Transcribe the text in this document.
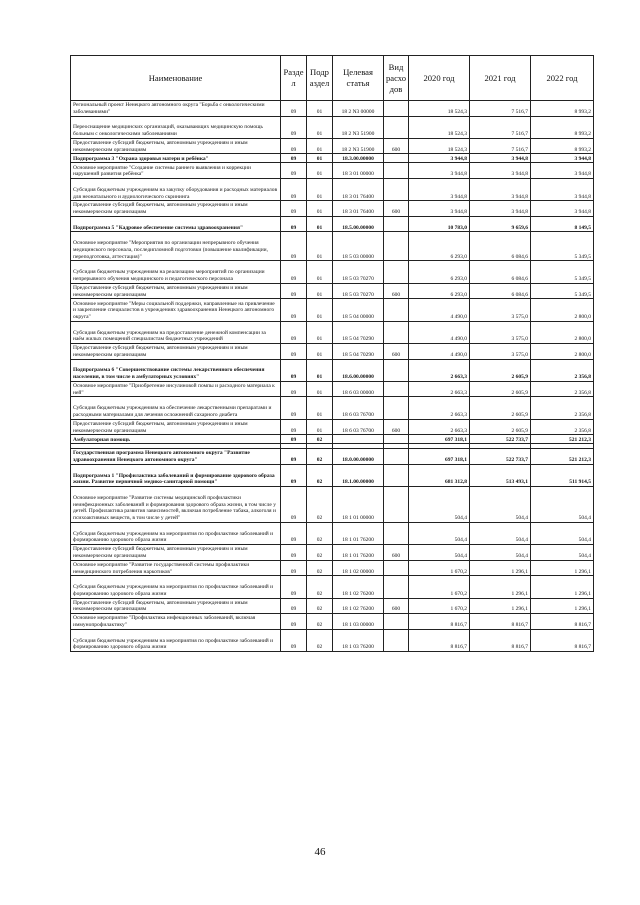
Наименование	Разде л	Подр аздел	Целевая статья	Вид расхо дов	2020 год	2021 год	2022 год
Региональный проект Ненецкого автономного округа "Борьба с онкологическими заболеваниями"	09	01	18 2 N3 00000		18 524,3	7 516,7	8 993,2
Переоснащение медицинских организаций, оказывающих медицинскую помощь больным с онкологическими заболеваниями	09	01	18 2 N3 51900		18 524,3	7 516,7	8 993,2
Предоставление субсидий бюджетным, автономным учреждениям и иным некоммерческим организациям	09	01	18 2 N3 51900	600	18 524,3	7 516,7	8 993,2
Подпрограмма 3 "Охрана здоровья матери и ребёнка"	09	01	18.3.00.00000		3 944,8	3 944,8	3 944,8
Основное мероприятие "Создание системы раннего выявления и коррекции нарушений развития ребёнка"	09	01	18 3 01 00000		3 944,8	3 944,8	3 944,8
Субсидия бюджетным учреждениям на закупку оборудования и расходных материалов для неонатального и аудиологического скрининга	09	01	18 3 01 76400		3 944,8	3 944,8	3 944,8
Предоставление субсидий бюджетным, автономным учреждениям и иным некоммерческим организациям	09	01	18 3 01 76400	600	3 944,8	3 944,8	3 944,8
Подпрограмма 5 "Кадровое обеспечение системы здравоохранения"	09	01	18.5.00.00000		10 783,0	9 659,6	8 149,5
Основное мероприятие "Мероприятия по организации непрерывного обучения медицинского персонала, последипломной подготовки (повышение квалификации, переподготовка, аттестация)"	09	01	18 5 03 00000		6 293,0	6 084,6	5 349,5
Субсидия бюджетным учреждениям на реализацию мероприятий по организации непрерывного обучения медицинского и педагогического персонала	09	01	18 5 03 70270		6 293,0	6 084,6	5 349,5
Предоставление субсидий бюджетным, автономным учреждениям и иным некоммерческим организациям	09	01	18 5 03 70270	600	6 293,0	6 084,6	5 349,5
Основное мероприятие "Меры социальной поддержки, направленные на привлечение и закрепление специалистов в учреждениях здравоохранения Ненецкого автономного округа"	09	01	18 5 04 00000		4 490,0	3 575,0	2 800,0
Субсидия бюджетным учреждениям на предоставление денежной компенсации за наём жилых помещений специалистам бюджетных учреждений	09	01	18 5 04 70290		4 490,0	3 575,0	2 800,0
Предоставление субсидий бюджетным, автономным учреждениям и иным некоммерческим организациям	09	01	18 5 04 70290	600	4 490,0	3 575,0	2 800,0
Подпрограмма 6 "Совершенствование системы лекарственного обеспечения населения, в том числе в амбулаторных условиях"	09	01	18.6.00.00000		2 663,3	2 605,9	2 356,8
Основное мероприятие "Приобретение инсулиновой помпы и расходного материала к ней"	09	01	18 6 03 00000		2 663,3	2 605,9	2 356,8
Субсидия бюджетным учреждениям на обеспечение лекарственными препаратами и расходными материалами для лечения осложнений сахарного диабета	09	01	18 6 03 76700		2 663,3	2 605,9	2 356,8
Предоставление субсидий бюджетным, автономным учреждениям и иным некоммерческим организациям	09	01	18 6 03 76700	600	2 663,3	2 605,9	2 356,8
Амбулаторная помощь	09	02			697 318,1	522 733,7	521 212,3

Государственная программа Ненецкого автономного округа "Развитие здравоохранения Ненецкого автономного округа"	09	02	18.0.00.00000		697 318,1	522 733,7	521 212,3
Подпрограмма 1 "Профилактика заболеваний и формирование здорового образа жизни. Развитие первичной медико-санитарной помощи"	09	02	18.1.00.00000		681 312,8	513 493,1	511 914,5
Основное мероприятие "Развитие системы медицинской профилактики неинфекционных заболеваний и формирования здорового образа жизни, в том числе у детей. Профилактика развития зависимостей, включая потребление табака, алкоголя и психоактивных веществ, в том числе у детей"	09	02	18 1 01 00000		504,4	504,4	504,4
Субсидия бюджетным учреждениям на мероприятия по профилактике заболеваний и формированию здорового образа жизни	09	02	18 1 01 76200		504,4	504,4	504,4
Предоставление субсидий бюджетным, автономным учреждениям и иным некоммерческим организациям	09	02	18 1 01 76200	600	504,4	504,4	504,4
Основное мероприятие "Развитие государственной системы профилактики немедицинского потребления наркотиков"	09	02	18 1 02 00000		1 670,2	1 296,1	1 296,1
Субсидия бюджетным учреждениям на мероприятия по профилактике заболеваний и формированию здорового образа жизни	09	02	18 1 02 76200		1 670,2	1 296,1	1 296,1
Предоставление субсидий бюджетным, автономным учреждениям и иным некоммерческим организациям	09	02	18 1 02 76200	600	1 670,2	1 296,1	1 296,1
Основное мероприятие "Профилактика инфекционных заболеваний, включая иммунопрофилактику"	09	02	18 1 03 00000		8 816,7	8 816,7	8 816,7
Субсидия бюджетным учреждениям на мероприятия по профилактике заболеваний и формированию здорового образа жизни	09	02	18 1 03 76200		8 816,7	8 816,7	8 816,7
46
